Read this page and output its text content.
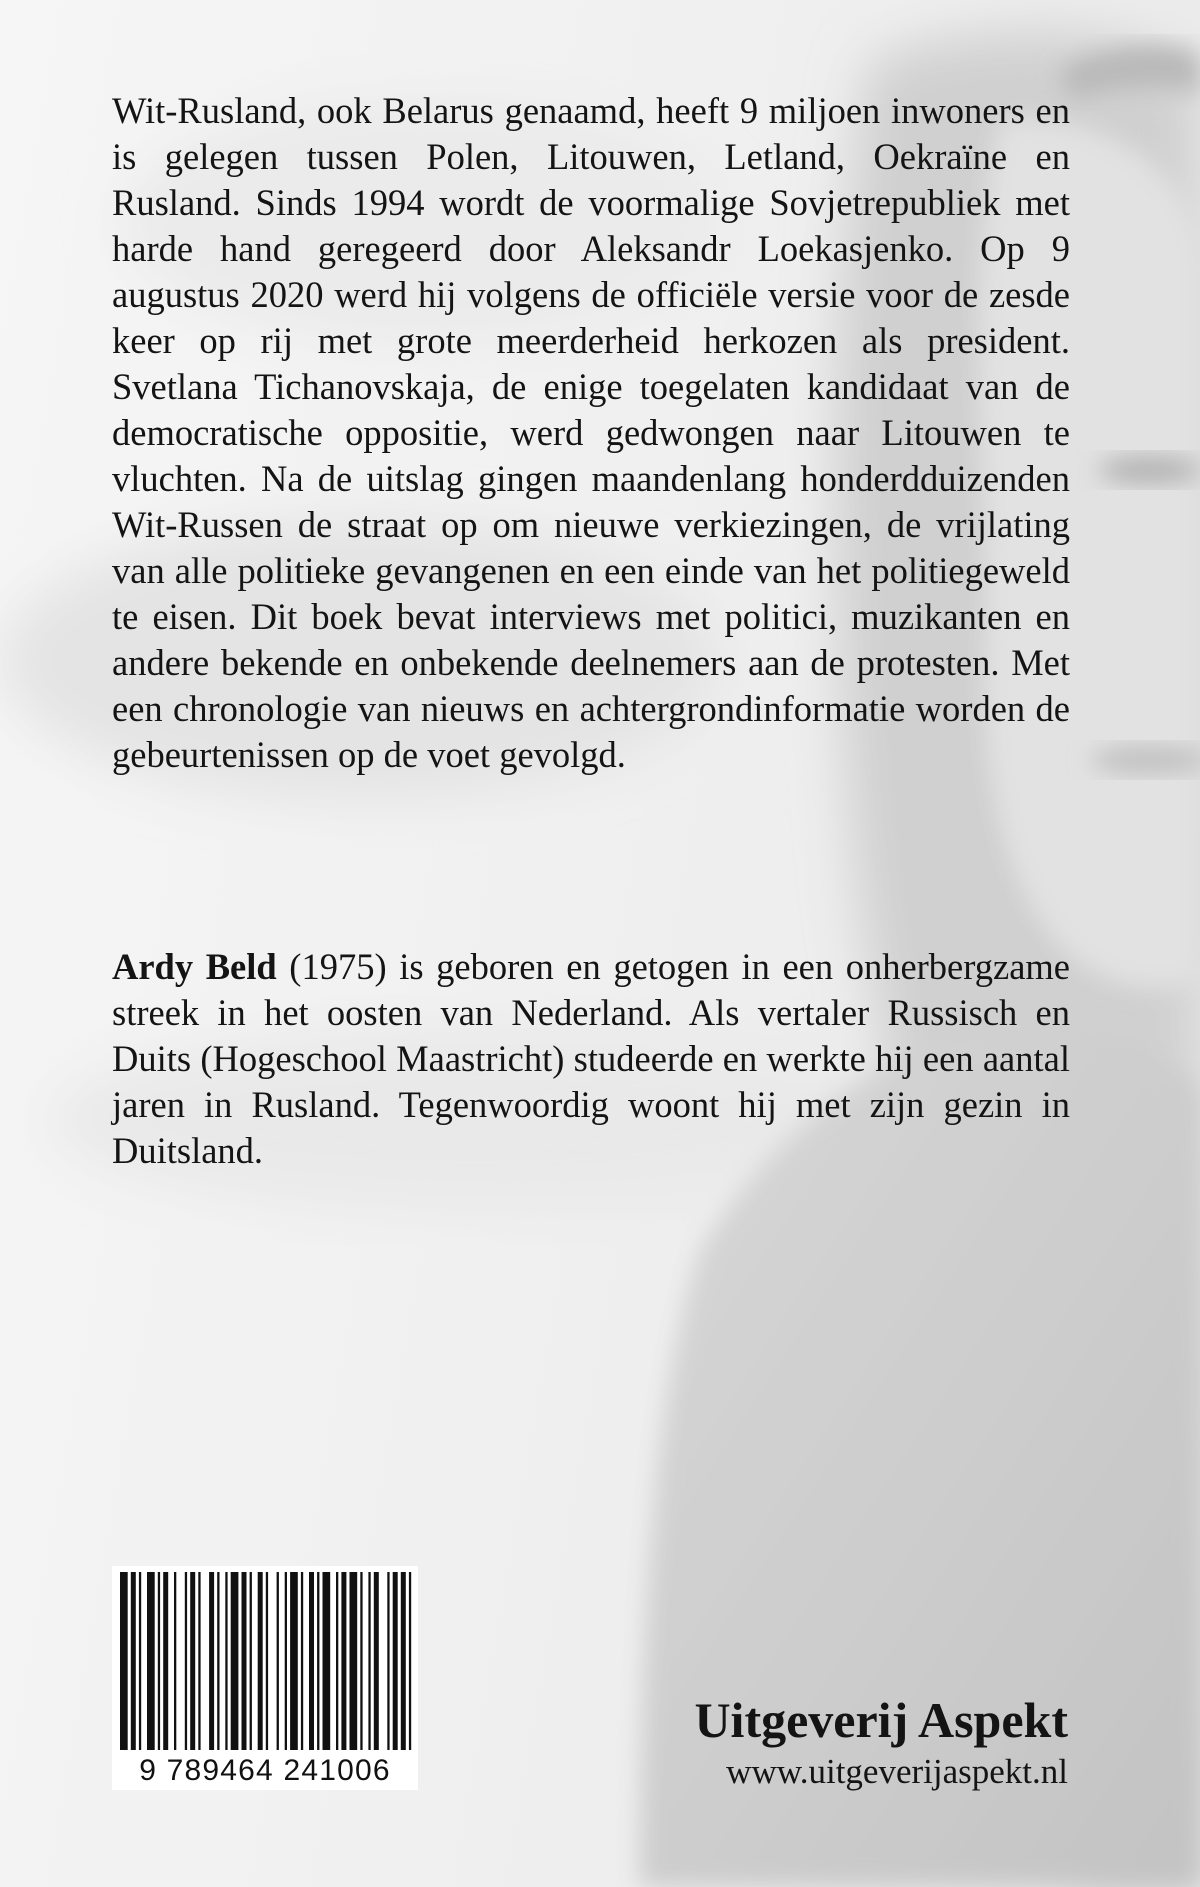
Wit-Rusland, ook Belarus genaamd, heeft 9 miljoen inwoners en is gelegen tussen Polen, Litouwen, Letland, Oekraïne en Rusland. Sinds 1994 wordt de voormalige Sovjetrepubliek met harde hand geregeerd door Aleksandr Loekasjenko. Op 9 augustus 2020 werd hij volgens de officiële versie voor de zesde keer op rij met grote meerderheid herkozen als president. Svetlana Tichanovskaja, de enige toegelaten kandidaat van de democratische oppositie, werd gedwongen naar Litouwen te vluchten. Na de uitslag gingen maandenlang honderdduizenden Wit-Russen de straat op om nieuwe verkiezingen, de vrijlating van alle politieke gevangenen en een einde van het politiegeweld te eisen. Dit boek bevat interviews met politici, muzikanten en andere bekende en onbekende deelnemers aan de protesten. Met een chronologie van nieuws en achtergrondinformatie worden de gebeurtenissen op de voet gevolgd.

Ardy Beld (1975) is geboren en getogen in een onherbergzame streek in het oosten van Nederland. Als vertaler Russisch en Duits (Hogeschool Maastricht) studeerde en werkte hij een aantal jaren in Rusland. Tegenwoordig woont hij met zijn gezin in Duitsland.

9 789464 241006
Uitgeverij Aspekt
www.uitgeverijaspekt.nl
